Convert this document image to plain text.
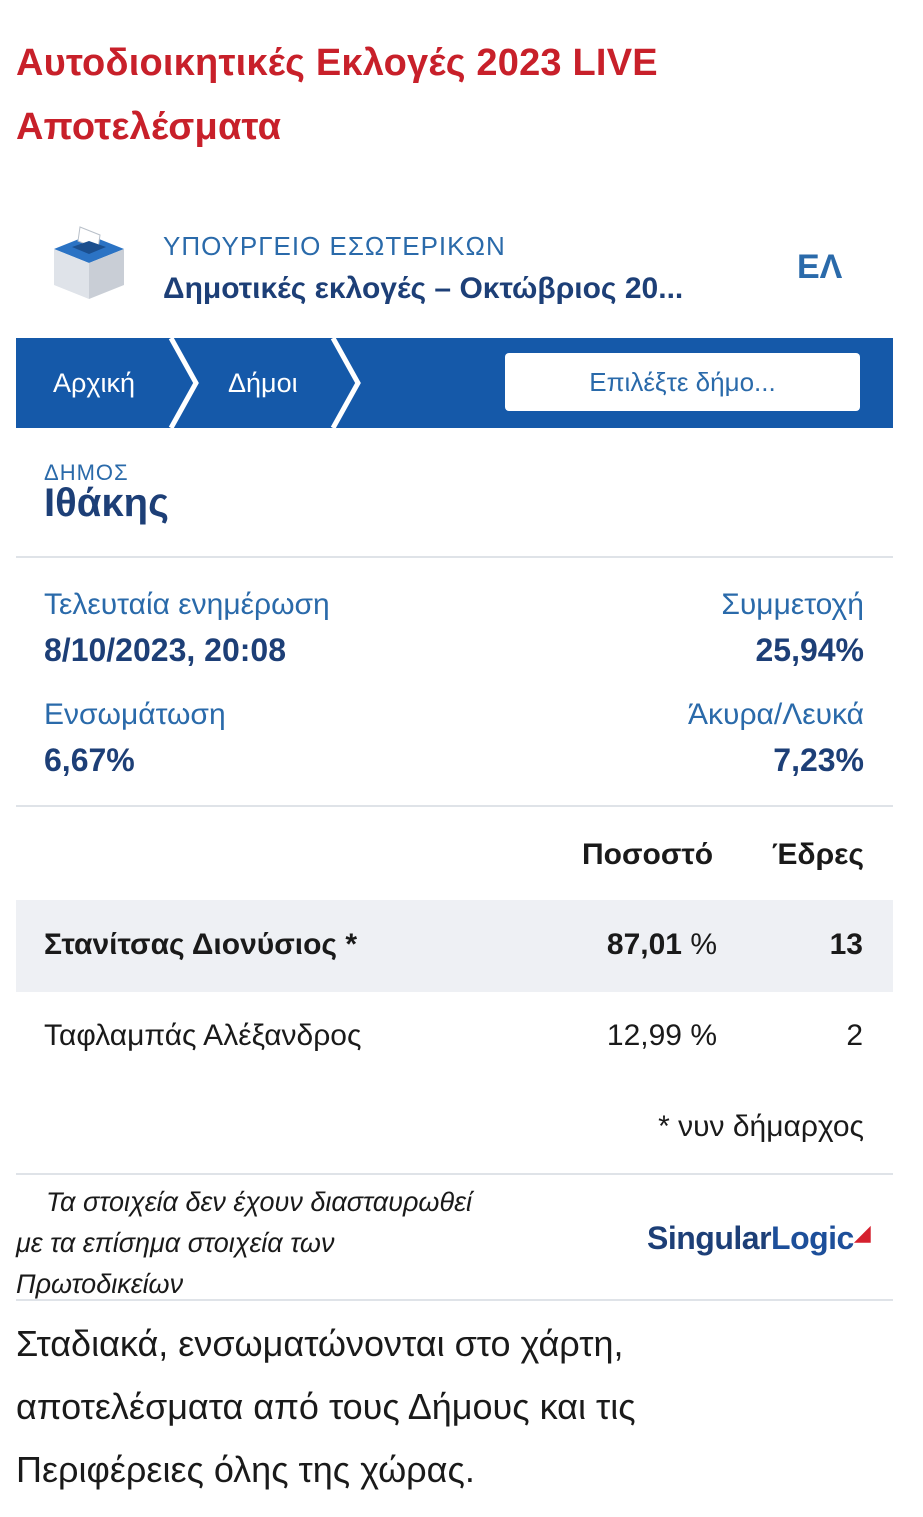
Αυτοδιοικητικές Εκλογές 2023 LIVE
Αποτελέσματα
ΥΠΟΥΡΓΕΙΟ ΕΣΩΤΕΡΙΚΩΝ
Δημοτικές εκλογές – Οκτώβριος 20...
ΕΛ
Αρχική	Δήμοι	Επιλέξτε δήμο...
ΔΗΜΟΣ
Ιθάκης
Τελευταία ενημέρωση
8/10/2023, 20:08
Συμμετοχή
25,94%
Ενσωμάτωση
6,67%
Άκυρα/Λευκά
7,23%
Ποσοστό Έδρες
Στανίτσας Διονύσιος *	87,01 %	13
Ταφλαμπάς Αλέξανδρος	12,99 %	2
* νυν δήμαρχος
Τα στοιχεία δεν έχουν διασταυρωθεί
με τα επίσημα στοιχεία των
Πρωτοδικείων
SingularLogic◢
Σταδιακά, ενσωματώνονται στο χάρτη,
αποτελέσματα από τους Δήμους και τις
Περιφέρειες όλης της χώρας.
